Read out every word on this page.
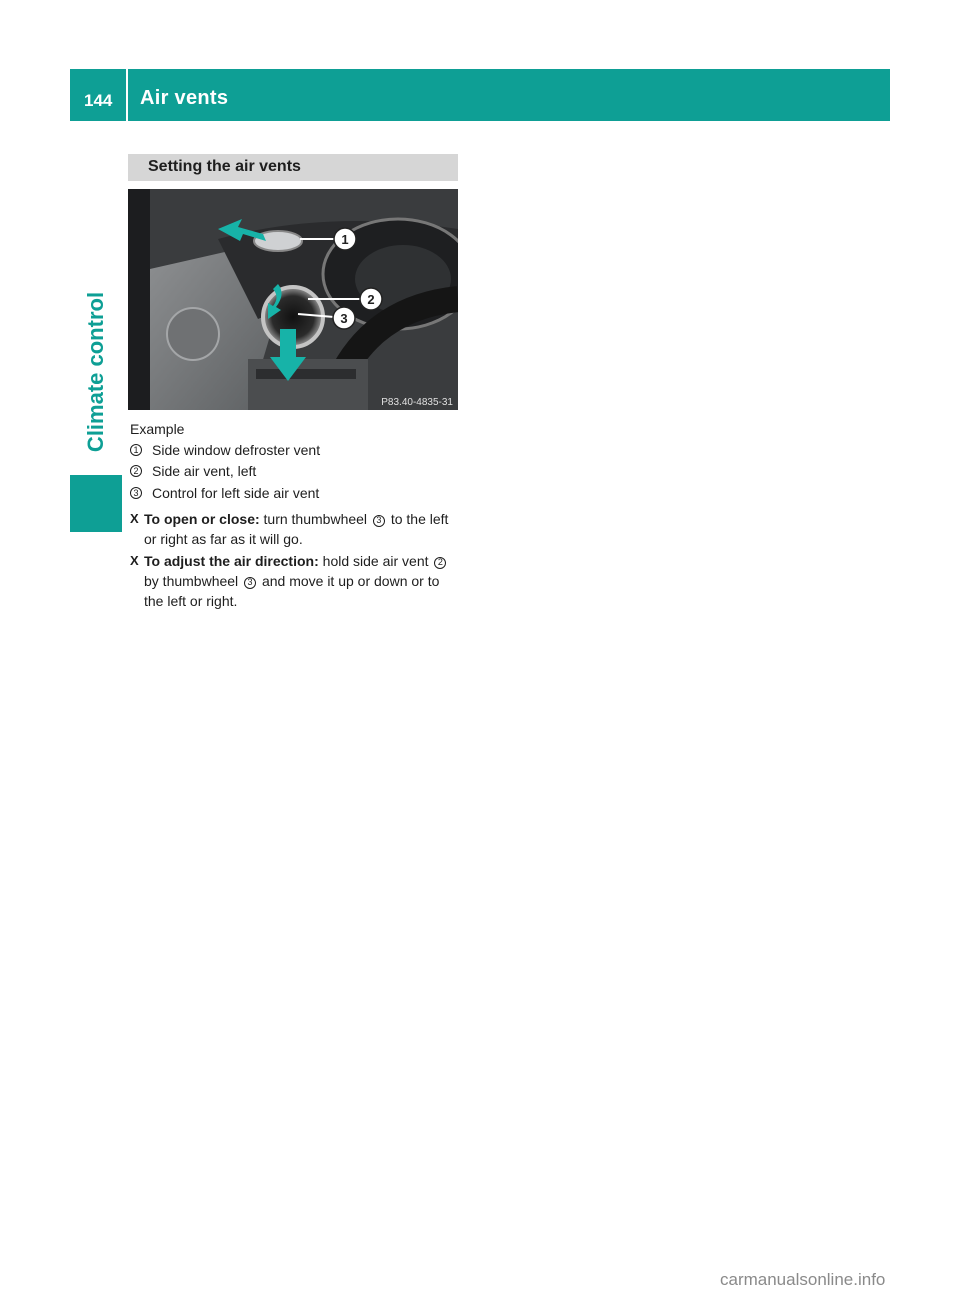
144 Air vents
Climate control
Setting the air vents
1
2
3
P83.40-4835-31
Example
1 Side window defroster vent
2 Side air vent, left
3 Control for left side air vent
X To open or close: turn thumbwheel 3 to the left or right as far as it will go.
X To adjust the air direction: hold side air vent 2 by thumbwheel 3 and move it up or down or to the left or right.
carmanualsonline.info
